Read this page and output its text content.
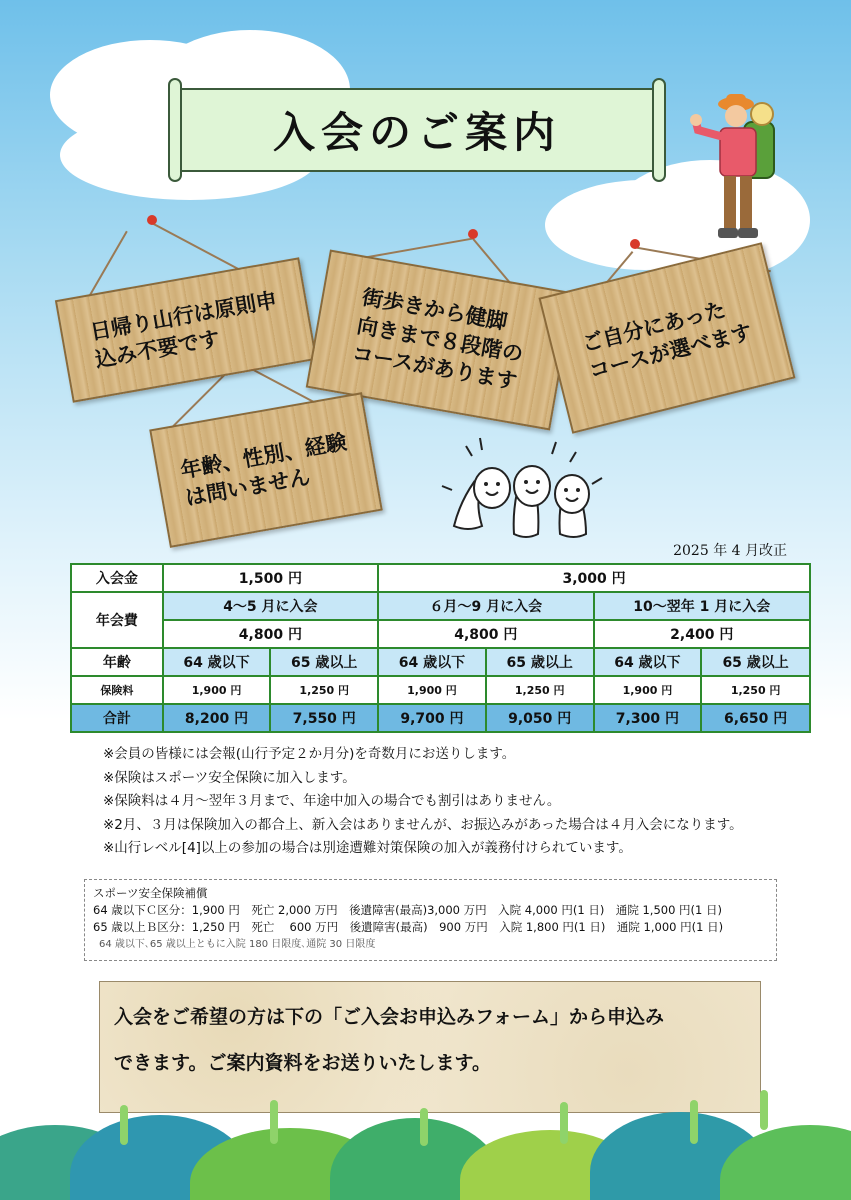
入会のご案内
日帰り山行は原則申
込み不要です
街歩きから健脚
向きまで８段階の
コースがあります
ご自分にあった
コースが選べます
年齢、性別、経験
は問いません
2025 年 4 月改正
入会金	1,500 円		3,000 円			
年会費	4～5 月に入会		６月～9 月に入会		10～翌年 1 月に入会	
	4,800 円		4,800 円		2,400 円	
年齢	64 歳以下	65 歳以上	64 歳以下	65 歳以上	64 歳以下	65 歳以上
保険料	1,900 円	1,250 円	1,900 円	1,250 円	1,900 円	1,250 円
合計	8,200 円	7,550 円	9,700 円	9,050 円	7,300 円	6,650 円
※会員の皆様には会報(山行予定２か月分)を奇数月にお送りします。
※保険はスポーツ安全保険に加入します。
※保険料は４月～翌年３月まで、年途中加入の場合でも割引はありません。
※2月、３月は保険加入の都合上、新入会はありませんが、お振込みがあった場合は４月入会になります。
※山行レベル[4]以上の参加の場合は別途遭難対策保険の加入が義務付けられています。
スポーツ安全保険補償
64 歳以下Ｃ区分：1,900 円　死亡 2,000 万円　後遺障害(最高)3,000 万円　入院 4,000 円(1 日)　通院 1,500 円(1 日)
65 歳以上Ｂ区分：1,250 円　死亡　 600 万円　後遺障害(最高)　900 万円　入院 1,800 円(1 日)　通院 1,000 円(1 日)
64 歳以下､65 歳以上ともに入院 180 日限度､通院 30 日限度
入会をご希望の方は下の「ご入会お申込みフォーム」から申込み
できます。ご案内資料をお送りいたします。
